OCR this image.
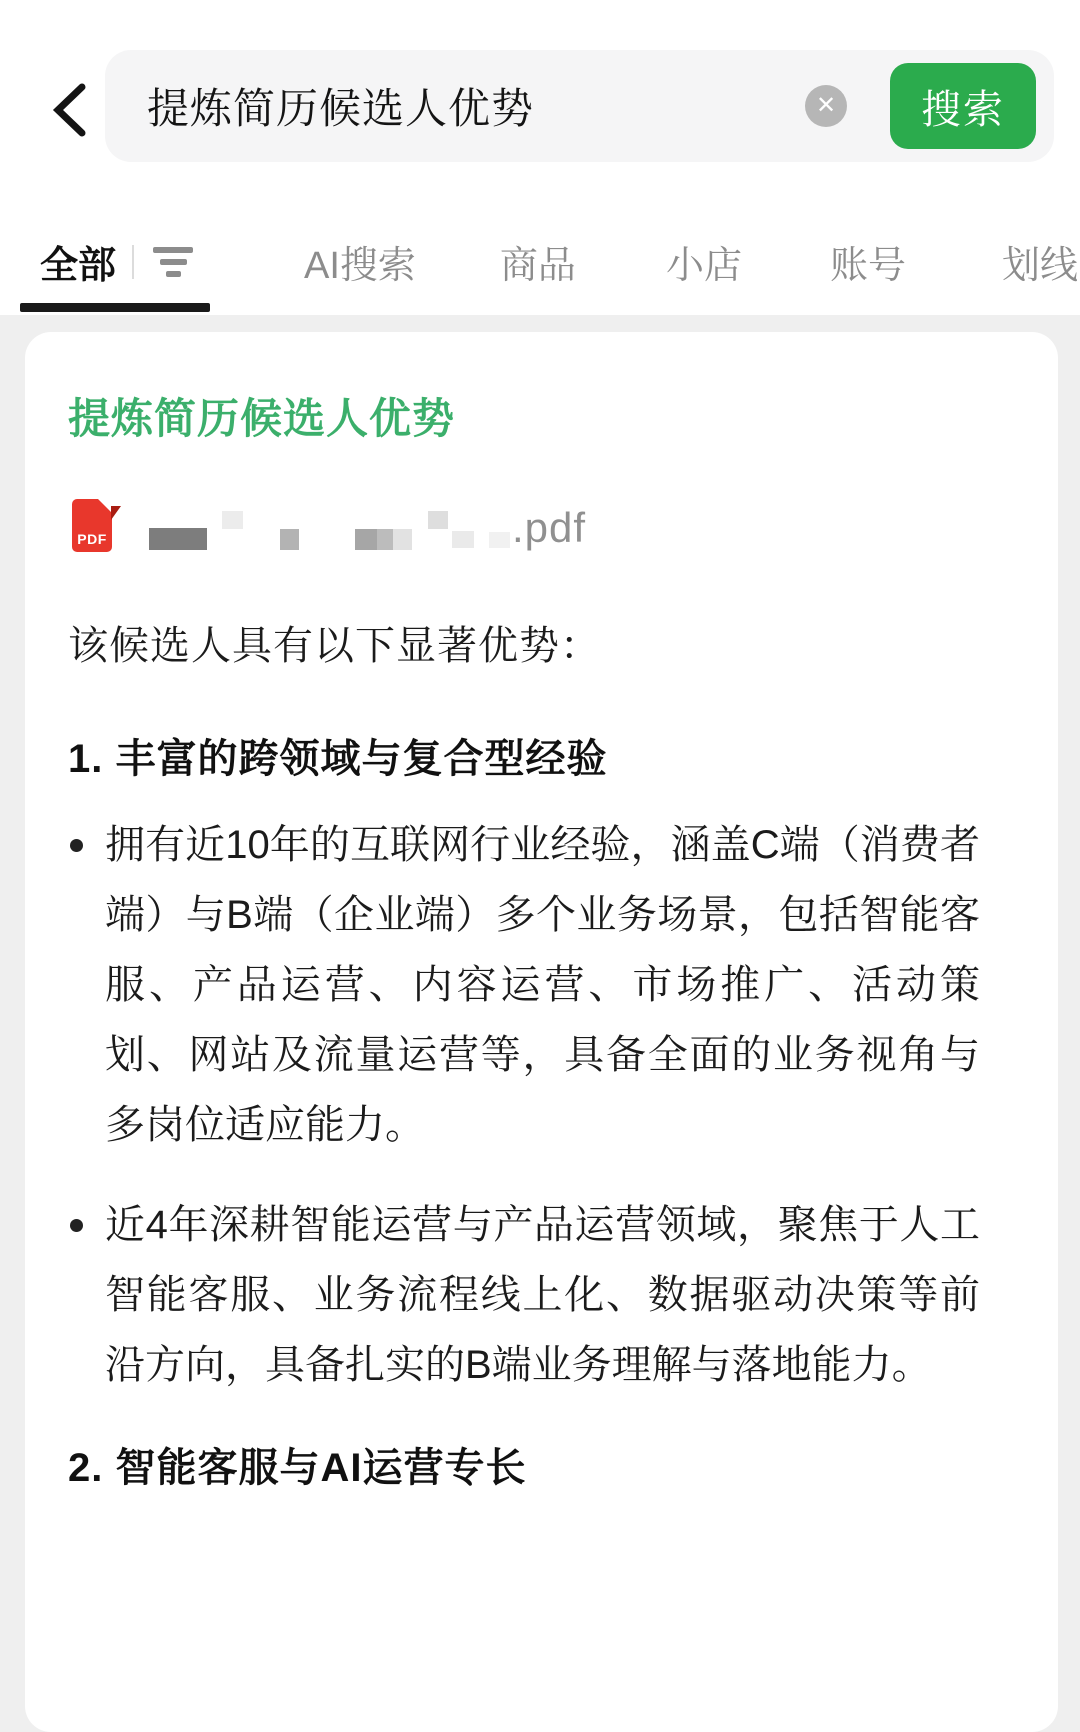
提炼简历候选人优势	✕	搜索
全部	AI搜索 商品 小店 账号	划线
提炼简历候选人优势
PDF	.pdf
该候选人具有以下显著优势：
1. 丰富的跨领域与复合型经验
拥有近10年的互联网行业经验，涵盖C端（消费者端）与B端（企业端）多个业务场景，包括智能客服、产品运营、内容运营、市场推广、活动策划、网站及流量运营等，具备全面的业务视角与多岗位适应能力。
近4年深耕智能运营与产品运营领域，聚焦于人工智能客服、业务流程线上化、数据驱动决策等前沿方向，具备扎实的B端业务理解与落地能力。
2. 智能客服与AI运营专长
